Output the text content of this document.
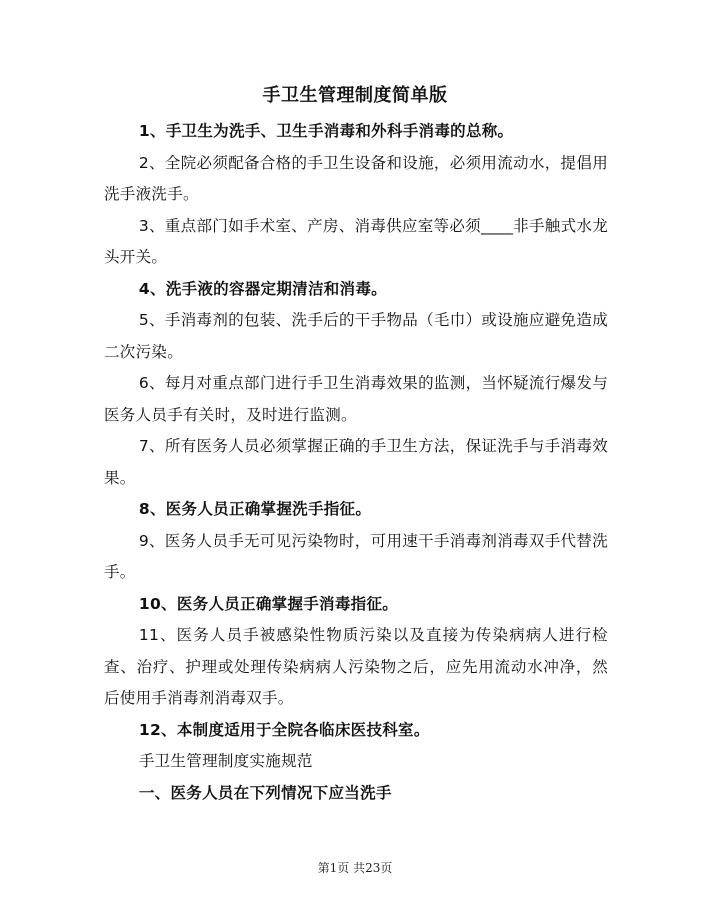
手卫生管理制度简单版

1、手卫生为洗手、卫生手消毒和外科手消毒的总称。

2、全院必须配备合格的手卫生设备和设施，必须用流动水，提倡用洗手液洗手。

3、重点部门如手术室、产房、消毒供应室等必须____非手触式水龙头开关。

4、洗手液的容器定期清洁和消毒。

5、手消毒剂的包装、洗手后的干手物品（毛巾）或设施应避免造成二次污染。

6、每月对重点部门进行手卫生消毒效果的监测，当怀疑流行爆发与医务人员手有关时，及时进行监测。

7、所有医务人员必须掌握正确的手卫生方法，保证洗手与手消毒效果。

8、医务人员正确掌握洗手指征。

9、医务人员手无可见污染物时，可用速干手消毒剂消毒双手代替洗手。

10、医务人员正确掌握手消毒指征。

11、医务人员手被感染性物质污染以及直接为传染病病人进行检查、治疗、护理或处理传染病病人污染物之后，应先用流动水冲净，然后使用手消毒剂消毒双手。

12、本制度适用于全院各临床医技科室。

手卫生管理制度实施规范

一、医务人员在下列情况下应当洗手

第1页 共23页
